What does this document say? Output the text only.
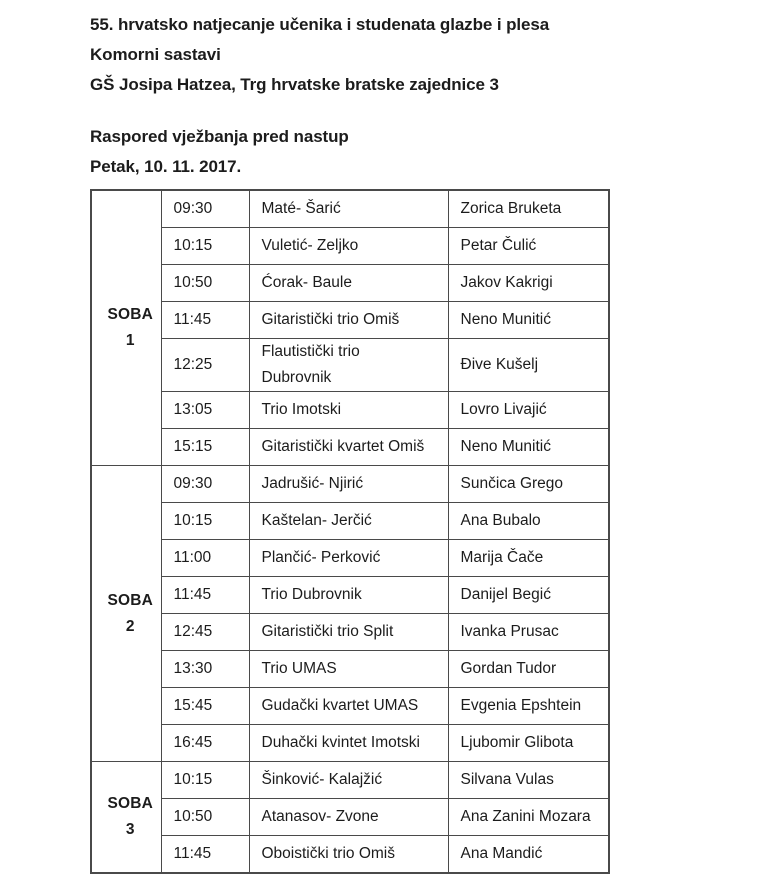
55. hrvatsko natjecanje učenika i studenata glazbe i plesa

Komorni sastavi

GŠ Josipa Hatzea, Trg hrvatske bratske zajednice 3

Raspored vježbanja pred nastup

Petak, 10. 11. 2017.

SOBA 1	09:30	Maté- Šarić	Zorica Bruketa
	10:15	Vuletić- Zeljko	Petar Čulić
	10:50	Ćorak- Baule	Jakov Kakrigi
	11:45	Gitaristički trio Omiš	Neno Munitić
	12:25	Flautistički trio Dubrovnik	Đive Kušelj
	13:05	Trio Imotski	Lovro Livajić
	15:15	Gitaristički kvartet Omiš	Neno Munitić
SOBA 2	09:30	Jadrušić- Njirić	Sunčica Grego
	10:15	Kaštelan- Jerčić	Ana Bubalo
	11:00	Plančić- Perković	Marija Čače
	11:45	Trio Dubrovnik	Danijel Begić
	12:45	Gitaristički trio Split	Ivanka Prusac
	13:30	Trio UMAS	Gordan Tudor
	15:45	Gudački kvartet UMAS	Evgenia Epshtein
	16:45	Duhački kvintet Imotski	Ljubomir Glibota
SOBA 3	10:15	Šinković- Kalajžić	Silvana Vulas
	10:50	Atanasov- Zvone	Ana Zanini Mozara
	11:45	Oboistički trio Omiš	Ana Mandić
